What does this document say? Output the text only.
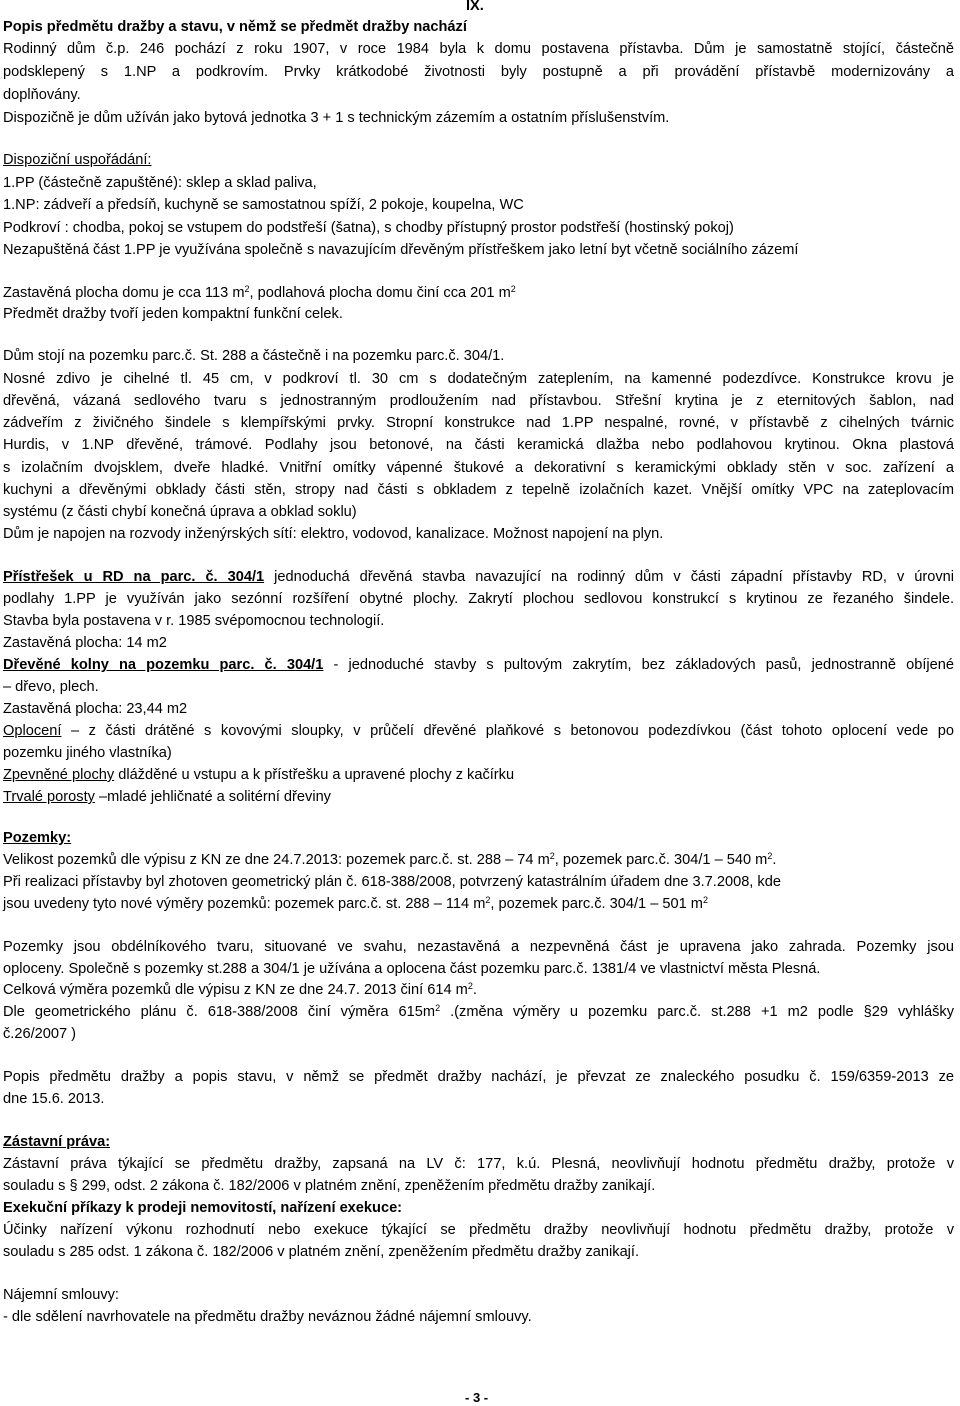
IX.
Popis předmětu dražby a stavu, v němž se předmět dražby nachází
Rodinný dům č.p. 246 pochází z roku 1907, v roce 1984 byla k domu postavena přístavba. Dům je samostatně stojící, částečně
podsklepený s 1.NP a podkrovím. Prvky krátkodobé životnosti byly postupně a při provádění přístavbě modernizovány a
doplňovány.
Dispozičně je dům užíván jako bytová jednotka 3 + 1 s technickým zázemím a ostatním příslušenstvím.
Dispoziční uspořádání:
1.PP (částečně zapuštěné): sklep a sklad paliva,
1.NP: zádveří a předsíň, kuchyně se samostatnou spíží, 2 pokoje, koupelna, WC
Podkroví : chodba, pokoj se vstupem do podstřeší (šatna), s chodby přístupný prostor podstřeší (hostinský pokoj)
Nezapuštěná část 1.PP je využívána společně s navazujícím dřevěným přístřeškem jako letní byt včetně sociálního zázemí
Zastavěná plocha domu je cca 113 $m^2$, podlahová plocha domu činí cca 201 $m^2$
Předmět dražby tvoří jeden kompaktní funkční celek.
Dům stojí na pozemku parc.č. St. 288 a částečně i na pozemku parc.č. 304/1.
Nosné zdivo je cihelné tl. 45 cm, v podkroví tl. 30 cm s dodatečným zateplením, na kamenné podezdívce. Konstrukce krovu je
dřevěná, vázaná sedlového tvaru s jednostranným prodloužením nad přístavbou. Střešní krytina je z eternitových šablon, nad
zádveřím z živičného šindele s klempířskými prvky. Stropní konstrukce nad 1.PP nespalné, rovné, v přístavbě z cihelných tvárnic
Hurdis, v 1.NP dřevěné, trámové. Podlahy jsou betonové, na části keramická dlažba nebo podlahovou krytinou. Okna plastová
s izolačním dvojsklem, dveře hladké. Vnitřní omítky vápenné štukové a dekorativní s keramickými obklady stěn v soc. zařízení a
kuchyni a dřevěnými obklady části stěn, stropy nad části s obkladem z tepelně izolačních kazet. Vnější omítky VPC na zateplovacím
systému (z části chybí konečná úprava a obklad soklu)
Dům je napojen na rozvody inženýrských sítí: elektro, vodovod, kanalizace. Možnost napojení na plyn.
Přístřešek u RD na parc. č. 304/1 jednoduchá dřevěná stavba navazující na rodinný dům v části západní přístavby RD, v úrovni
podlahy 1.PP je využíván jako sezónní rozšíření obytné plochy. Zakrytí plochou sedlovou konstrukcí s krytinou ze řezaného šindele.
Stavba byla postavena v r. 1985 svépomocnou technologií.
Zastavěná plocha: 14 m2
Dřevěné kolny na pozemku parc. č. 304/1 - jednoduché stavby s pultovým zakrytím, bez základových pasů, jednostranně obíjené
– dřevo, plech.
Zastavěná plocha: 23,44 m2
Oplocení – z části drátěné s kovovými sloupky, v průčelí dřevěné plaňkové s betonovou podezdívkou (část tohoto oplocení vede po
pozemku jiného vlastníka)
Zpevněné plochy dlážděné u vstupu a k přístřešku a upravené plochy z kačírku
Trvalé porosty –mladé jehličnaté a solitérní dřeviny
Pozemky:
Velikost pozemků dle výpisu z KN ze dne 24.7.2013: pozemek parc.č. st. 288 – 74 $m^2$, pozemek parc.č. 304/1 – 540 $m^2$.
Při realizaci přístavby byl zhotoven geometrický plán č. 618-388/2008, potvrzený katastrálním úřadem dne 3.7.2008, kde
jsou uvedeny tyto nové výměry pozemků: pozemek parc.č. st. 288 – 114 $m^2$, pozemek parc.č. 304/1 – 501 $m^2$
Pozemky jsou obdélníkového tvaru, situované ve svahu, nezastavěná a nezpevněná část je upravena jako zahrada. Pozemky jsou
oploceny. Společně s pozemky st.288 a 304/1 je užívána a oplocena část pozemku parc.č. 1381/4 ve vlastnictví města Plesná.
Celková výměra pozemků dle výpisu z KN ze dne 24.7. 2013 činí 614 $m^2$.
Dle geometrického plánu č. 618-388/2008 činí výměra $615m^2$ .(změna výměry u pozemku parc.č. st.288 +1 m2 podle §29 vyhlášky
č.26/2007 )
Popis předmětu dražby a popis stavu, v němž se předmět dražby nachází, je převzat ze znaleckého posudku č. 159/6359-2013 ze
dne 15.6. 2013.
Zástavní práva:
Zástavní práva týkající se předmětu dražby, zapsaná na LV č: 177, k.ú. Plesná, neovlivňují hodnotu předmětu dražby, protože v
souladu s § 299, odst. 2 zákona č. 182/2006 v platném znění, zpeněžením předmětu dražby zanikají.
Exekuční příkazy k prodeji nemovitostí, nařízení exekuce:
Účinky nařízení výkonu rozhodnutí nebo exekuce týkající se předmětu dražby neovlivňují hodnotu předmětu dražby, protože v
souladu s 285 odst. 1 zákona č. 182/2006 v platném znění, zpeněžením předmětu dražby zanikají.
Nájemní smlouvy:
- dle sdělení navrhovatele na předmětu dražby neváznou žádné nájemní smlouvy.
- 3 -
